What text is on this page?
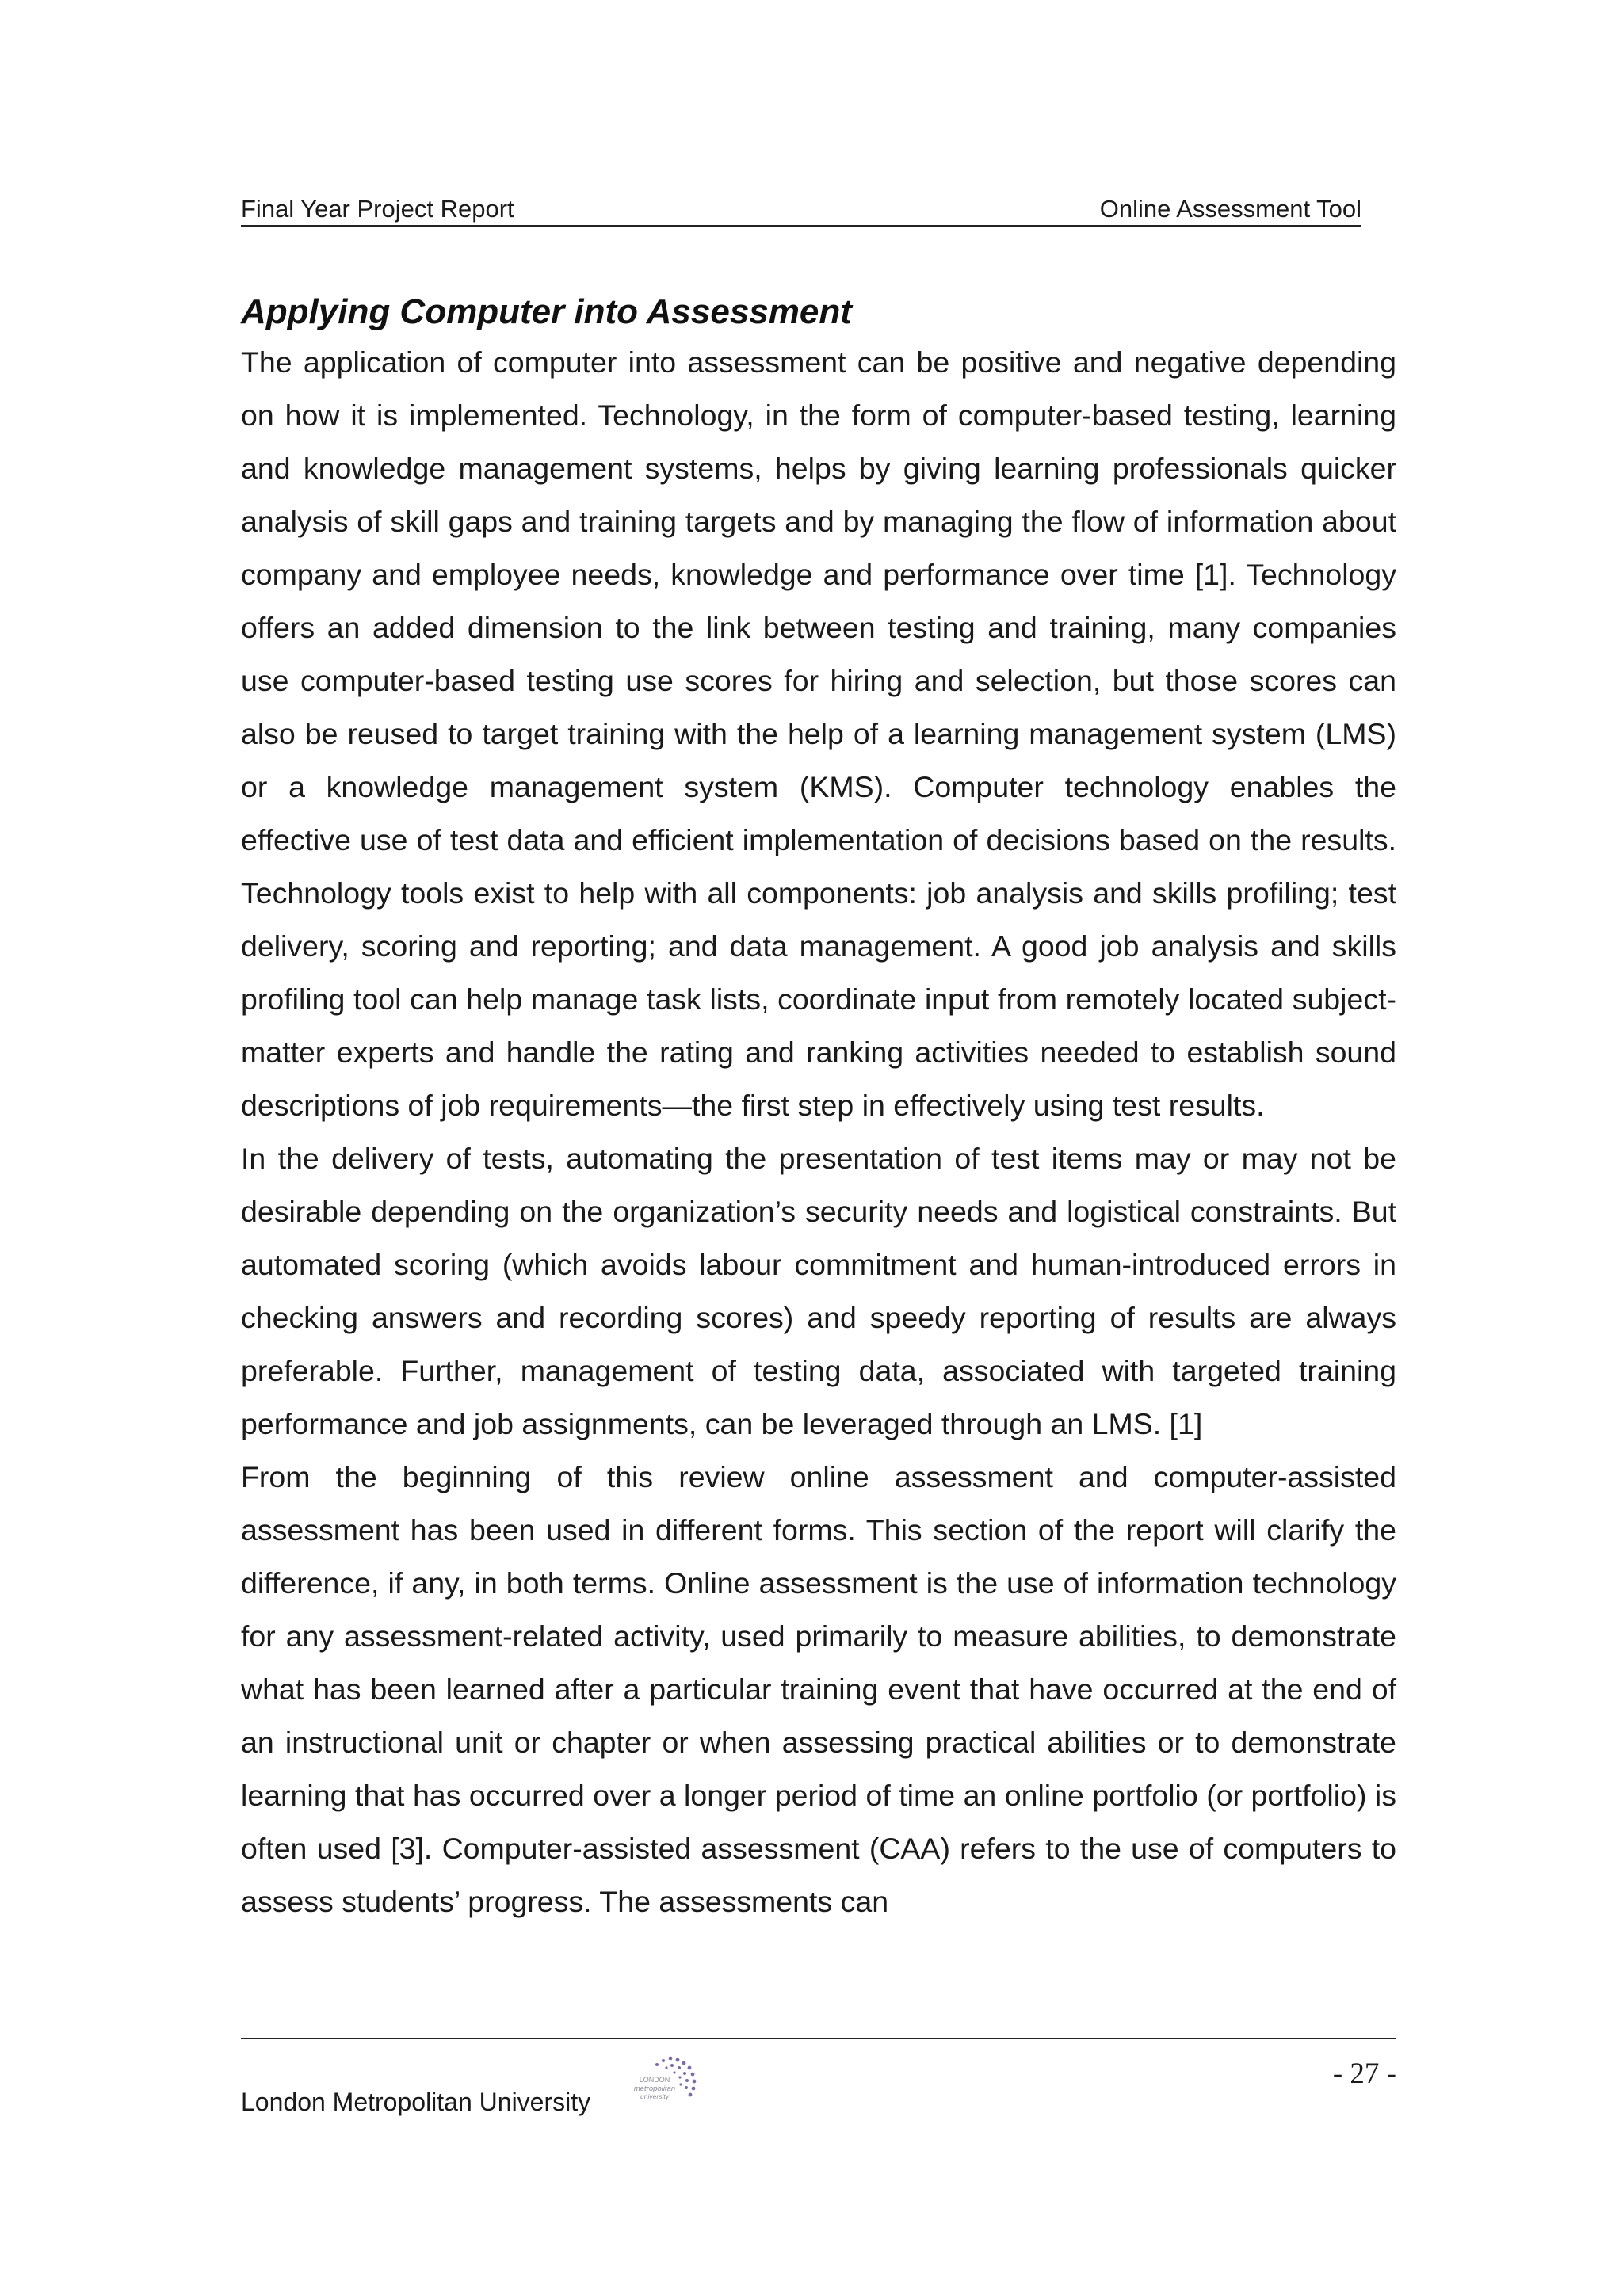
Final Year Project Report	Online Assessment Tool
Applying Computer into Assessment

The application of computer into assessment can be positive and negative depending on how it is implemented. Technology, in the form of computer-based testing, learning and knowledge management systems, helps by giving learning professionals quicker analysis of skill gaps and training targets and by managing the flow of information about company and employee needs, knowledge and performance over time [1]. Technology offers an added dimension to the link between testing and training, many companies use computer-based testing use scores for hiring and selection, but those scores can also be reused to target training with the help of a learning management system (LMS) or a knowledge management system (KMS). Computer technology enables the effective use of test data and efficient implementation of decisions based on the results. Technology tools exist to help with all components: job analysis and skills profiling; test delivery, scoring and reporting; and data management. A good job analysis and skills profiling tool can help manage task lists, coordinate input from remotely located subject-matter experts and handle the rating and ranking activities needed to establish sound descriptions of job requirements—the first step in effectively using test results.

In the delivery of tests, automating the presentation of test items may or may not be desirable depending on the organization’s security needs and logistical constraints. But automated scoring (which avoids labour commitment and human-introduced errors in checking answers and recording scores) and speedy reporting of results are always preferable. Further, management of testing data, associated with targeted training performance and job assignments, can be leveraged through an LMS. [1]

From the beginning of this review online assessment and computer-assisted assessment has been used in different forms. This section of the report will clarify the difference, if any, in both terms. Online assessment is the use of information technology for any assessment-related activity, used primarily to measure abilities, to demonstrate what has been learned after a particular training event that have occurred at the end of an instructional unit or chapter or when assessing practical abilities or to demonstrate learning that has occurred over a longer period of time an online portfolio (or portfolio) is often used [3]. Computer-assisted assessment (CAA) refers to the use of computers to assess students’ progress. The assessments can

London Metropolitan University
LONDON
metropolitan
university
- 27 -
